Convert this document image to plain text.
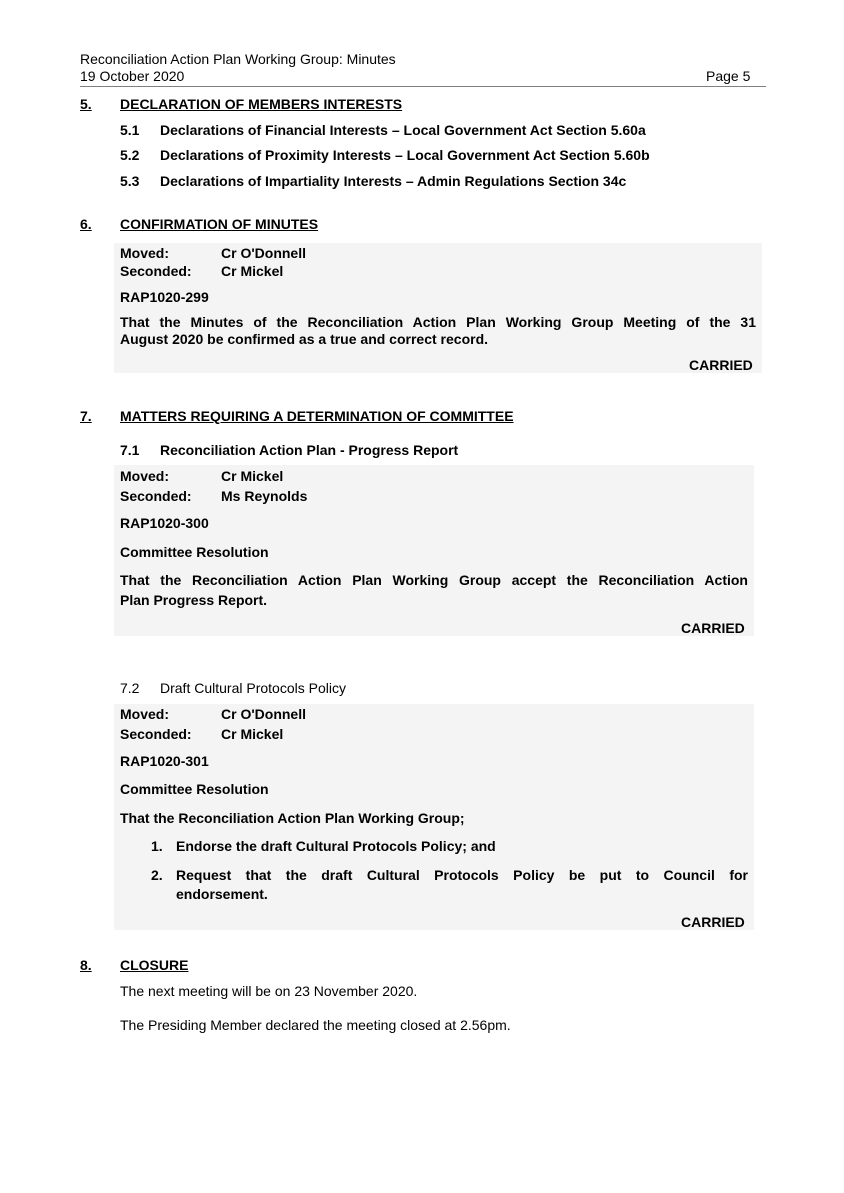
Reconciliation Action Plan Working Group: Minutes
19 October 2020	Page 5
5. DECLARATION OF MEMBERS INTERESTS
5.1 Declarations of Financial Interests – Local Government Act Section 5.60a
5.2 Declarations of Proximity Interests – Local Government Act Section 5.60b
5.3 Declarations of Impartiality Interests – Admin Regulations Section 34c
6. CONFIRMATION OF MINUTES
Moved:	Cr O'Donnell
Seconded: Cr Mickel
RAP1020-299
That the Minutes of the Reconciliation Action Plan Working Group Meeting of the 31
August 2020 be confirmed as a true and correct record.
CARRIED
7. MATTERS REQUIRING A DETERMINATION OF COMMITTEE
7.1 Reconciliation Action Plan - Progress Report
Moved:	Cr Mickel
Seconded: Ms Reynolds
RAP1020-300
Committee Resolution
That the Reconciliation Action Plan Working Group accept the Reconciliation Action
Plan Progress Report.
CARRIED
7.2 Draft Cultural Protocols Policy
Moved:	Cr O'Donnell
Seconded: Cr Mickel
RAP1020-301
Committee Resolution
That the Reconciliation Action Plan Working Group;
1. Endorse the draft Cultural Protocols Policy; and
2. Request that the draft Cultural Protocols Policy be put to Council for
endorsement.
CARRIED
8. CLOSURE
The next meeting will be on 23 November 2020.
The Presiding Member declared the meeting closed at 2.56pm.
